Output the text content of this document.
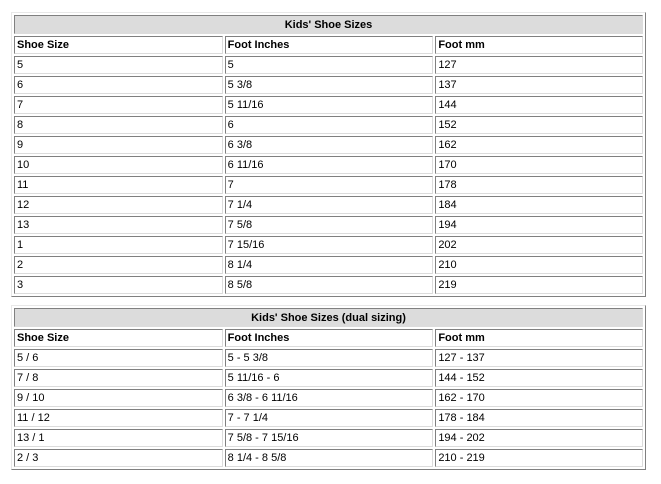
Kids' Shoe Sizes		
Shoe Size	Foot Inches	Foot mm
5	5	127
6	5 3/8	137
7	5 11/16	144
8	6	152
9	6 3/8	162
10	6 11/16	170
11	7	178
12	7 1/4	184
13	7 5/8	194
1	7 15/16	202
2	8 1/4	210
3	8 5/8	219
Kids' Shoe Sizes (dual sizing)		
Shoe Size	Foot Inches	Foot mm
5 / 6	5 - 5 3/8	127 - 137
7 / 8	5 11/16 - 6	144 - 152
9 / 10	6 3/8 - 6 11/16	162 - 170
11 / 12	7 - 7 1/4	178 - 184
13 / 1	7 5/8 - 7 15/16	194 - 202
2 / 3	8 1/4 - 8 5/8	210 - 219
